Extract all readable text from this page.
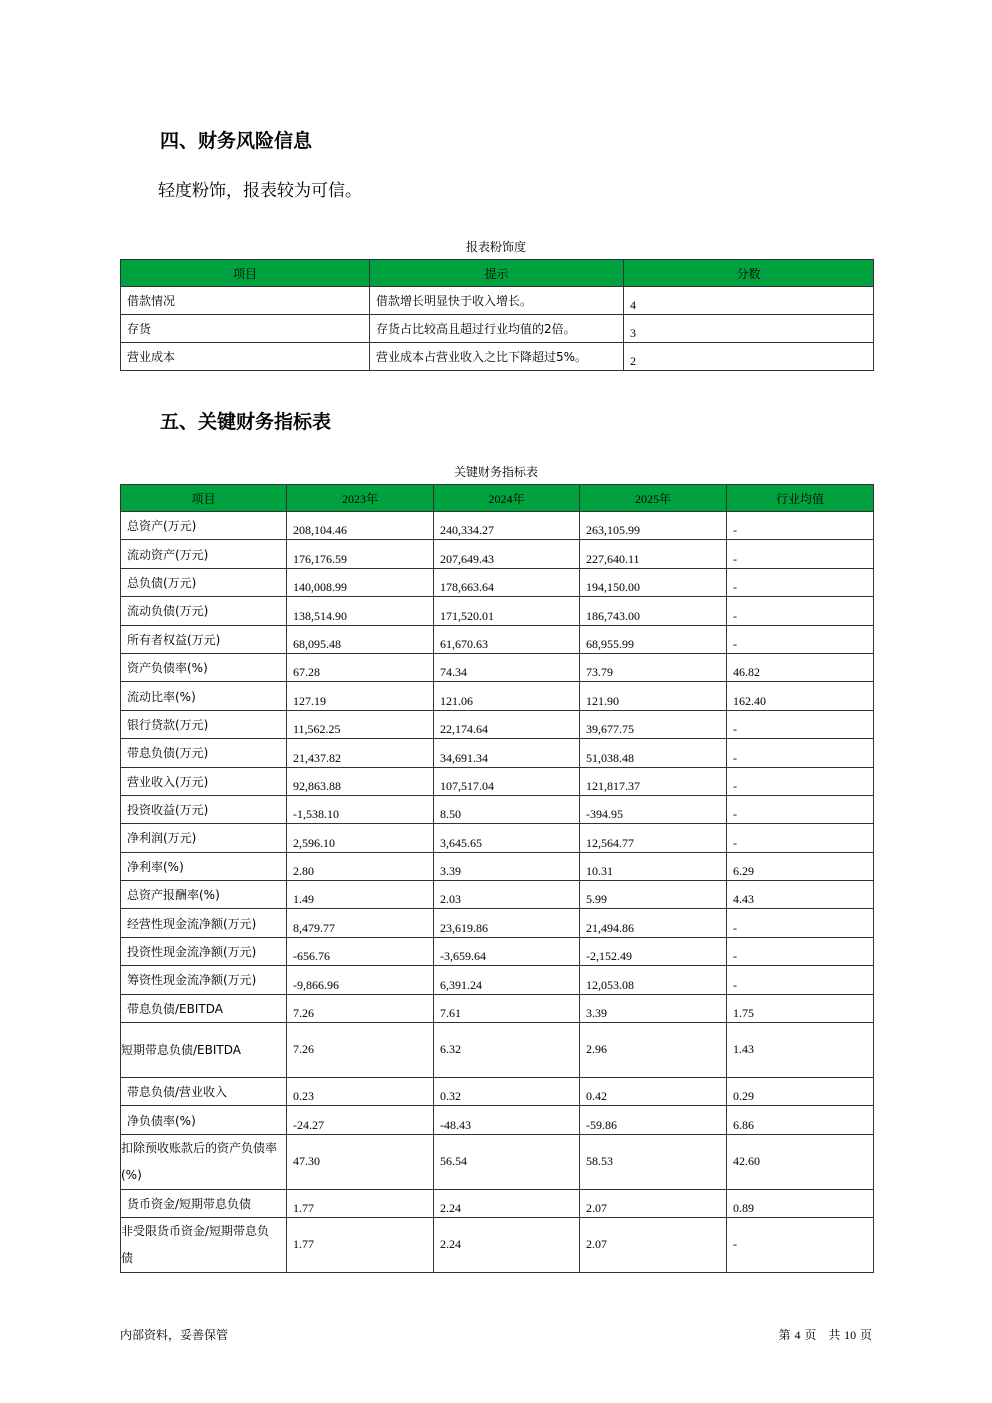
四、财务风险信息
轻度粉饰，报表较为可信。
报表粉饰度
项目	提示	分数
借款情况	借款增长明显快于收入增长。	4
存货	存货占比较高且超过行业均值的2倍。	3
营业成本	营业成本占营业收入之比下降超过5%。	2
五、关键财务指标表
关键财务指标表
项目	2023年	2024年	2025年	行业均值
总资产(万元)	208,104.46	240,334.27	263,105.99	-
流动资产(万元)	176,176.59	207,649.43	227,640.11	-
总负债(万元)	140,008.99	178,663.64	194,150.00	-
流动负债(万元)	138,514.90	171,520.01	186,743.00	-
所有者权益(万元)	68,095.48	61,670.63	68,955.99	-
资产负债率(%)	67.28	74.34	73.79	46.82
流动比率(%)	127.19	121.06	121.90	162.40
银行贷款(万元)	11,562.25	22,174.64	39,677.75	-
带息负债(万元)	21,437.82	34,691.34	51,038.48	-
营业收入(万元)	92,863.88	107,517.04	121,817.37	-
投资收益(万元)	-1,538.10	8.50	-394.95	-
净利润(万元)	2,596.10	3,645.65	12,564.77	-
净利率(%)	2.80	3.39	10.31	6.29
总资产报酬率(%)	1.49	2.03	5.99	4.43
经营性现金流净额(万元)	8,479.77	23,619.86	21,494.86	-
投资性现金流净额(万元)	-656.76	-3,659.64	-2,152.49	-
筹资性现金流净额(万元)	-9,866.96	6,391.24	12,053.08	-
带息负债/EBITDA	7.26	7.61	3.39	1.75
短期带息负债/EBITDA	7.26	6.32	2.96	1.43
带息负债/营业收入	0.23	0.32	0.42	0.29
净负债率(%)	-24.27	-48.43	-59.86	6.86
扣除预收账款后的资产负债率(%)	47.30	56.54	58.53	42.60
货币资金/短期带息负债	1.77	2.24	2.07	0.89
非受限货币资金/短期带息负债	1.77	2.24	2.07	-
内部资料，妥善保管	第 4 页　共 10 页
